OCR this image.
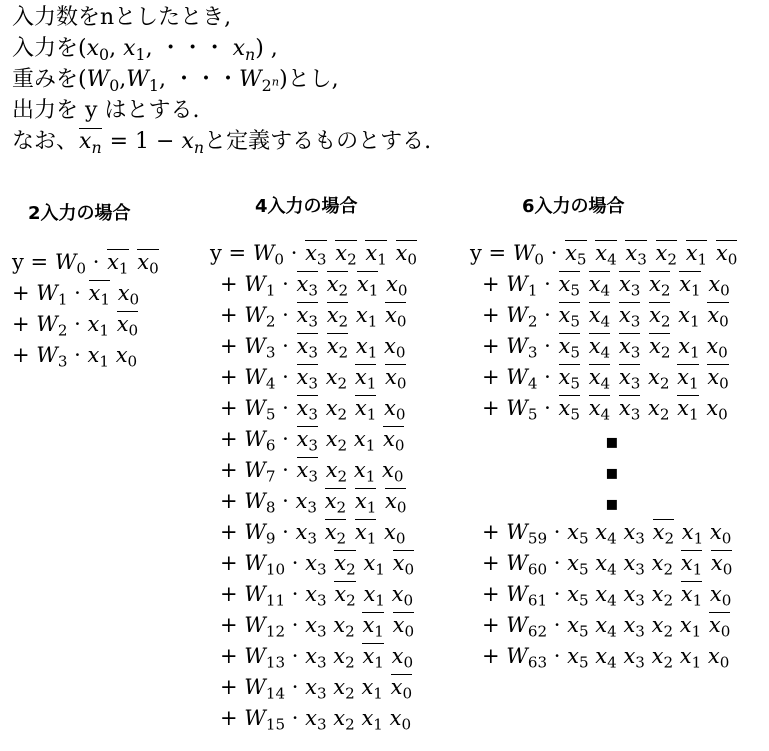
入力数をnとしたとき,
入力を($x_0$, $x_1$, ・・・ $x_n$) ,
重みを($W_0,W_1$, ・・・$W_{2^n}$)とし,
出力を y はとする.
なお、$x_n = 1 - x_n$と定義するものとする.
2入力の場合	4入力の場合	6入力の場合
$y = W_0 \cdot x_1$ $x_0$
+ $W_1 \cdot x_1$ $x_0$
+ $W_2 \cdot x_1$ $x_0$
+ $W_3 \cdot x_1$ $x_0$
$y = W_0 \cdot x_3$ $x_2$ $x_1$ $x_0$
+ $W_1 \cdot x_3$ $x_2$ $x_1$ $x_0$
+ $W_2 \cdot x_3$ $x_2$ $x_1$ $x_0$
+ $W_3 \cdot x_3$ $x_2$ $x_1$ $x_0$
+ $W_4 \cdot x_3$ $x_2$ $x_1$ $x_0$
+ $W_5 \cdot x_3$ $x_2$ $x_1$ $x_0$
+ $W_6 \cdot x_3$ $x_2$ $x_1$ $x_0$
+ $W_7 \cdot x_3$ $x_2$ $x_1$ $x_0$
+ $W_8 \cdot x_3$ $x_2$ $x_1$ $x_0$
+ $W_9 \cdot x_3$ $x_2$ $x_1$ $x_0$
+ $W_{10} \cdot x_3$ $x_2$ $x_1$ $x_0$
+ $W_{11} \cdot x_3$ $x_2$ $x_1$ $x_0$
+ $W_{12} \cdot x_3$ $x_2$ $x_1$ $x_0$
+ $W_{13} \cdot x_3$ $x_2$ $x_1$ $x_0$
+ $W_{14} \cdot x_3$ $x_2$ $x_1$ $x_0$
+ $W_{15} \cdot x_3$ $x_2$ $x_1$ $x_0$
$y = W_0 \cdot x_5$ $x_4$ $x_3$ $x_2$ $x_1$ $x_0$
+ $W_1 \cdot x_5$ $x_4$ $x_3$ $x_2$ $x_1$ $x_0$
+ $W_2 \cdot x_5$ $x_4$ $x_3$ $x_2$ $x_1$ $x_0$
+ $W_3 \cdot x_5$ $x_4$ $x_3$ $x_2$ $x_1$ $x_0$
+ $W_4 \cdot x_5$ $x_4$ $x_3$ $x_2$ $x_1$ $x_0$
+ $W_5 \cdot x_5$ $x_4$ $x_3$ $x_2$ $x_1$ $x_0$
▪
▪
▪
+ $W_{59} \cdot x_5$ $x_4$ $x_3$ $x_2$ $x_1$ $x_0$
+ $W_{60} \cdot x_5$ $x_4$ $x_3$ $x_2$ $x_1$ $x_0$
+ $W_{61} \cdot x_5$ $x_4$ $x_3$ $x_2$ $x_1$ $x_0$
+ $W_{62} \cdot x_5$ $x_4$ $x_3$ $x_2$ $x_1$ $x_0$
+ $W_{63} \cdot x_5$ $x_4$ $x_3$ $x_2$ $x_1$ $x_0$
